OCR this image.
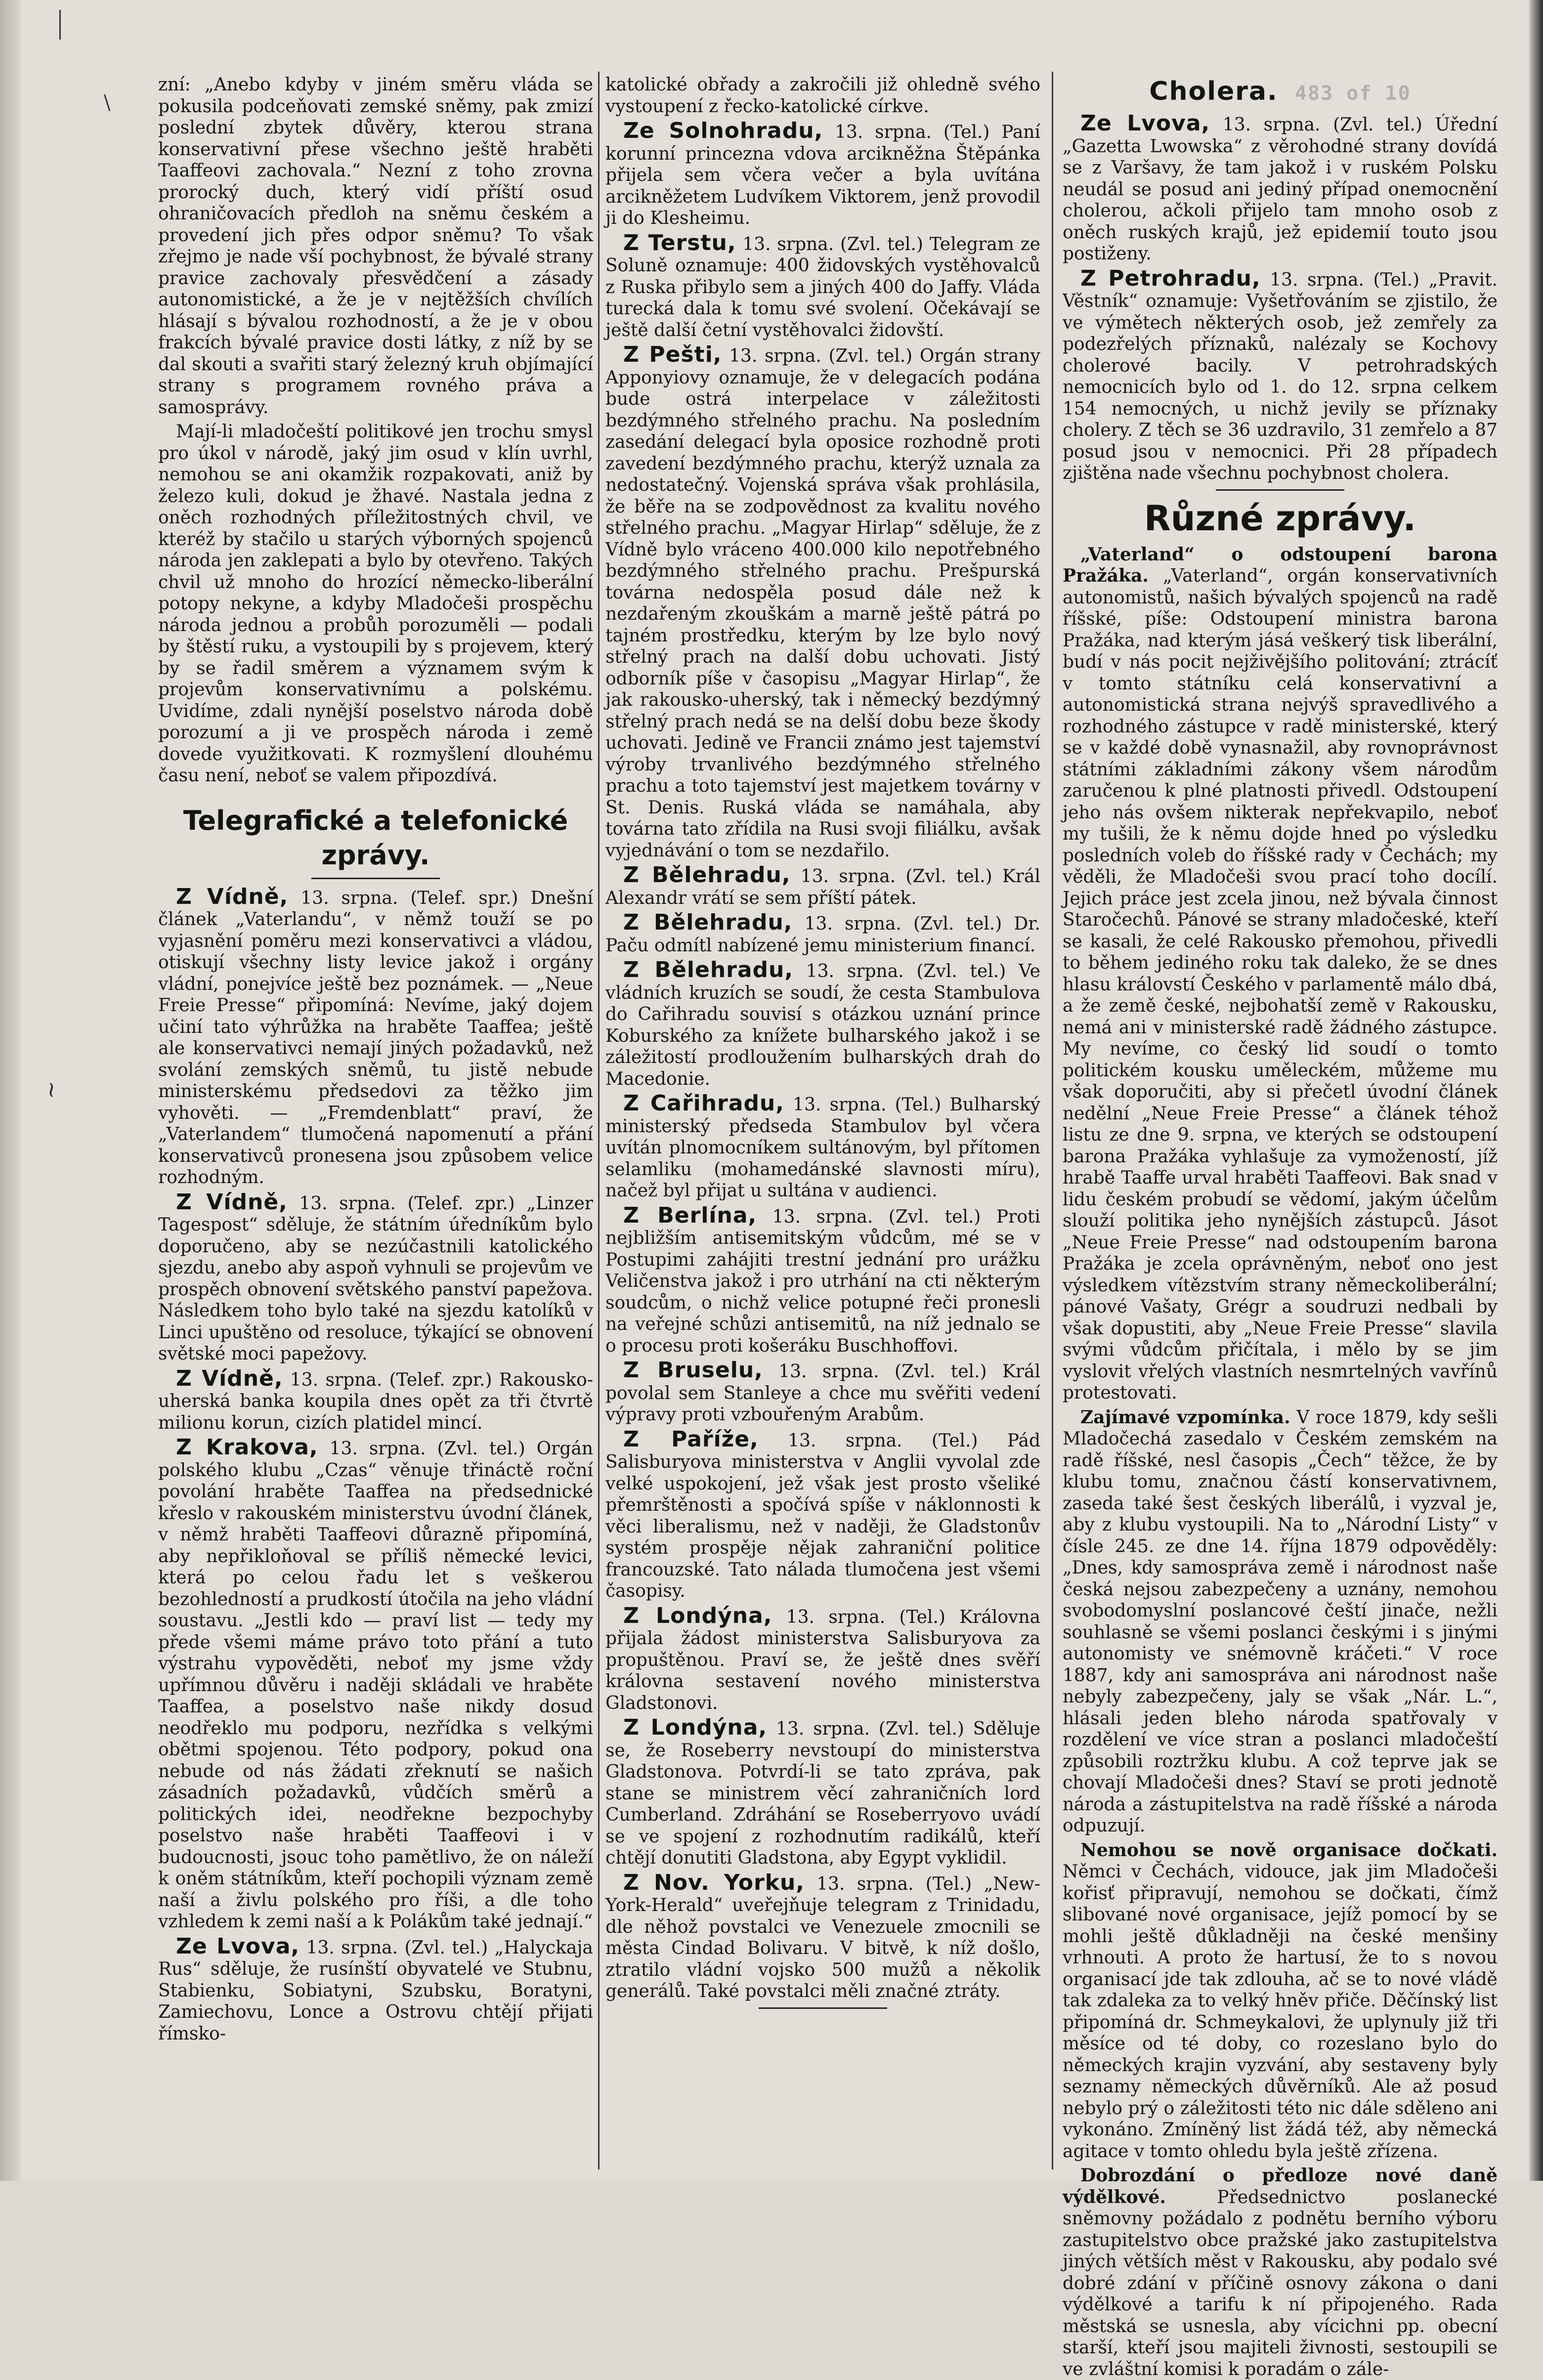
\
~

zní: „Anebo kdyby v jiném směru vláda se pokusila podceňovati zemské sněmy, pak zmizí poslední zbytek důvěry, kterou strana konservativní přese všechno ještě hraběti Taaffeovi zachovala.“ Nezní z toho zrovna prorocký duch, který vidí příští osud ohraničovacích předloh na sněmu českém a provedení jich přes odpor sněmu? To však zřejmo je nade vší pochybnost, že bývalé strany pravice zachovaly přesvědčení a zásady autonomistické, a že je v nejtěžších chvílích hlásají s bývalou rozhodností, a že je v obou frakcích bývalé pravice dosti látky, z níž by se dal skouti a svařiti starý železný kruh objímající strany s programem rovného práva a samosprávy.

Mají-li mladočeští politikové jen trochu smysl pro úkol v národě, jaký jim osud v klín uvrhl, nemohou se ani okamžik rozpakovati, aniž by železo kuli, dokud je žhavé. Nastala jedna z oněch rozhodných příležitostných chvil, ve kteréž by stačilo u starých výborných spojenců národa jen zaklepati a bylo by otevřeno. Takých chvil už mnoho do hrozící německo-liberální potopy nekyne, a kdyby Mladočeši prospěchu národa jednou a probůh porozuměli — podali by štěstí ruku, a vystoupili by s projevem, který by se řadil směrem a významem svým k projevům konservativnímu a polskému. Uvidíme, zdali nynější poselstvo národa době porozumí a ji ve prospěch národa i země dovede využitkovati. K rozmyšlení dlouhému času není, neboť se valem připozdívá.

Telegrafické a telefonické zprávy.

Z Vídně, 13. srpna. (Telef. spr.) Dnešní článek „Vaterlandu“, v němž touží se po vyjasnění poměru mezi konservativci a vládou, otiskují všechny listy levice jakož i orgány vládní, ponejvíce ještě bez poznámek. — „Neue Freie Presse“ připomíná: Nevíme, jaký dojem učiní tato výhrůžka na hraběte Taaffea; ještě ale konservativci nemají jiných požadavků, než svolání zemských sněmů, tu jistě nebude ministerskému předsedovi za těžko jim vyhověti. — „Fremdenblatt“ praví, že „Vaterlandem“ tlumočená napomenutí a přání konservativců pronesena jsou způsobem velice rozhodným.

Z Vídně, 13. srpna. (Telef. zpr.) „Linzer Tagespost“ sděluje, že státním úředníkům bylo doporučeno, aby se nezúčastnili katolického sjezdu, anebo aby aspoň vyhnuli se projevům ve prospěch obnovení světského panství papežova. Následkem toho bylo také na sjezdu katolíků v Linci upuštěno od resoluce, týkající se obnovení světské moci papežovy.

Z Vídně, 13. srpna. (Telef. zpr.) Rakousko-uherská banka koupila dnes opět za tři čtvrtě milionu korun, cizích platidel mincí.

Z Krakova, 13. srpna. (Zvl. tel.) Orgán polského klubu „Czas“ věnuje třináctě roční povolání hraběte Taaffea na předsednické křeslo v rakouském ministerstvu úvodní článek, v němž hraběti Taaffeovi důrazně připomíná, aby nepřikloňoval se příliš německé levici, která po celou řadu let s veškerou bezohledností a prudkostí útočila na jeho vládní soustavu. „Jestli kdo — praví list — tedy my přede všemi máme právo toto přání a tuto výstrahu vypověděti, neboť my jsme vždy upřímnou důvěru i naději skládali ve hraběte Taaffea, a poselstvo naše nikdy dosud neodřeklo mu podporu, nezřídka s velkými obětmi spojenou. Této podpory, pokud ona nebude od nás žádati zřeknutí se našich zásadních požadavků, vůdčích směrů a politických idei, neodřekne bezpochyby poselstvo naše hraběti Taaffeovi i v budoucnosti, jsouc toho pamětlivo, že on náleží k oněm státníkům, kteří pochopili význam země naší a živlu polského pro říši, a dle toho vzhledem k zemi naší a k Polákům také jednají.“

Ze Lvova, 13. srpna. (Zvl. tel.) „Halyckaja Rus“ sděluje, že rusínští obyvatelé ve Stubnu, Stabienku, Sobiatyni, Szubsku, Boratyni, Zamiechovu, Lonce a Ostrovu chtějí přijati římsko-

katolické obřady a zakročili již ohledně svého vystoupení z řecko-katolické církve.

Ze Solnohradu, 13. srpna. (Tel.) Paní korunní princezna vdova arcikněžna Štěpánka přijela sem včera večer a byla uvítána arcikněžetem Ludvíkem Viktorem, jenž provodil ji do Klesheimu.

Z Terstu, 13. srpna. (Zvl. tel.) Telegram ze Soluně oznamuje: 400 židovských vystěhovalců z Ruska přibylo sem a jiných 400 do Jaffy. Vláda turecká dala k tomu své svolení. Očekávají se ještě další četní vystěhovalci židovští.

Z Pešti, 13. srpna. (Zvl. tel.) Orgán strany Apponyiovy oznamuje, že v delegacích podána bude ostrá interpelace v záležitosti bezdýmného střelného prachu. Na posledním zasedání delegací byla oposice rozhodně proti zavedení bezdýmného prachu, kterýž uznala za nedostatečný. Vojenská správa však prohlásila, že běře na se zodpovědnost za kvalitu nového střelného prachu. „Magyar Hirlap“ sděluje, že z Vídně bylo vráceno 400.000 kilo nepotřebného bezdýmného střelného prachu. Prešpurská továrna nedospěla posud dále než k nezdařeným zkouškám a marně ještě pátrá po tajném prostředku, kterým by lze bylo nový střelný prach na další dobu uchovati. Jistý odborník píše v časopisu „Magyar Hirlap“, že jak rakousko-uherský, tak i německý bezdýmný střelný prach nedá se na delší dobu beze škody uchovati. Jedině ve Francii známo jest tajemství výroby trvanlivého bezdýmného střelného prachu a toto tajemství jest majetkem továrny v St. Denis. Ruská vláda se namáhala, aby továrna tato zřídila na Rusi svoji filiálku, avšak vyjednávání o tom se nezdařilo.

Z Bělehradu, 13. srpna. (Zvl. tel.) Král Alexandr vrátí se sem příští pátek.

Z Bělehradu, 13. srpna. (Zvl. tel.) Dr. Paču odmítl nabízené jemu ministerium financí.

Z Bělehradu, 13. srpna. (Zvl. tel.) Ve vládních kruzích se soudí, že cesta Stambulova do Cařihradu souvisí s otázkou uznání prince Koburského za knížete bulharského jakož i se záležitostí prodloužením bulharských drah do Macedonie.

Z Cařihradu, 13. srpna. (Tel.) Bulharský ministerský předseda Stambulov byl včera uvítán plnomocníkem sultánovým, byl přítomen selamliku (mohamedánské slavnosti míru), načež byl přijat u sultána v audienci.

Z Berlína, 13. srpna. (Zvl. tel.) Proti nejbližším antisemitským vůdcům, mé se v Postupimi zahájiti trestní jednání pro urážku Veličenstva jakož i pro utrhání na cti některým soudcům, o nichž velice potupné řeči pronesli na veřejné schůzi antisemitů, na níž jednalo se o procesu proti košeráku Buschhoffovi.

Z Bruselu, 13. srpna. (Zvl. tel.) Král povolal sem Stanleye a chce mu svěřiti vedení výpravy proti vzbouřeným Arabům.

Z Paříže, 13. srpna. (Tel.) Pád Salisburyova ministerstva v Anglii vyvolal zde velké uspokojení, jež však jest prosto všeliké přemrštěnosti a spočívá spíše v náklonnosti k věci liberalismu, než v naději, že Gladstonův systém prospěje nějak zahraniční politice francouzské. Tato nálada tlumočena jest všemi časopisy.

Z Londýna, 13. srpna. (Tel.) Královna přijala žádost ministerstva Salisburyova za propuštěnou. Praví se, že ještě dnes svěří královna sestavení nového ministerstva Gladstonovi.

Z Londýna, 13. srpna. (Zvl. tel.) Sděluje se, že Roseberry nevstoupí do ministerstva Gladstonova. Potvrdí-li se tato zpráva, pak stane se ministrem věcí zahraničních lord Cumberland. Zdráhání se Roseberryovo uvádí se ve spojení z rozhodnutím radikálů, kteří chtějí donutiti Gladstona, aby Egypt vyklidil.

Z Nov. Yorku, 13. srpna. (Tel.) „New-York-Herald“ uveřejňuje telegram z Trinidadu, dle něhož povstalci ve Venezuele zmocnili se města Cindad Bolivaru. V bitvě, k níž došlo, ztratilo vládní vojsko 500 mužů a několik generálů. Také povstalci měli značné ztráty.

Cholera. 483 of 10

Ze Lvova, 13. srpna. (Zvl. tel.) Úřední „Gazetta Lwowska“ z věrohodné strany dovídá se z Varšavy, že tam jakož i v ruském Polsku neudál se posud ani jediný případ onemocnění cholerou, ačkoli přijelo tam mnoho osob z oněch ruských krajů, jež epidemií touto jsou postiženy.

Z Petrohradu, 13. srpna. (Tel.) „Pravit. Věstník“ oznamuje: Vyšetřováním se zjistilo, že ve výmětech některých osob, jež zemřely za podezřelých příznaků, nalézaly se Kochovy cholerové bacily. V petrohradských nemocnicích bylo od 1. do 12. srpna celkem 154 nemocných, u nichž jevily se příznaky cholery. Z těch se 36 uzdravilo, 31 zemřelo a 87 posud jsou v nemocnici. Při 28 případech zjištěna nade všechnu pochybnost cholera.

Různé zprávy.

„Vaterland“ o odstoupení barona Pražáka. „Vaterland“, orgán konservativních autonomistů, našich bývalých spojenců na radě říšské, píše: Odstoupení ministra barona Pražáka, nad kterým jásá veškerý tisk liberální, budí v nás pocit nejživějšího politování; ztrácíť v tomto státníku celá konservativní a autonomistická strana nejvýš spravedlivého a rozhodného zástupce v radě ministerské, který se v každé době vynasnažil, aby rovnoprávnost státními základními zákony všem národům zaručenou k plné platnosti přivedl. Odstoupení jeho nás ovšem nikterak nepřekvapilo, neboť my tušili, že k němu dojde hned po výsledku posledních voleb do říšské rady v Čechách; my věděli, že Mladočeši svou prací toho docílí. Jejich práce jest zcela jinou, než bývala činnost Staročechů. Pánové se strany mladočeské, kteří se kasali, že celé Rakousko přemohou, přivedli to během jediného roku tak daleko, že se dnes hlasu královstí Českého v parlamentě málo dbá, a že země české, nejbohatší země v Rakousku, nemá ani v ministerské radě žádného zástupce. My nevíme, co český lid soudí o tomto politickém kousku uměleckém, můžeme mu však doporučiti, aby si přečetl úvodní článek nedělní „Neue Freie Presse“ a článek téhož listu ze dne 9. srpna, ve kterých se odstoupení barona Pražáka vyhlašuje za vymožeností, jíž hrabě Taaffe urval hraběti Taaffeovi. Bak snad v lidu českém probudí se vědomí, jakým účelům slouží politika jeho nynějších zástupců. Jásot „Neue Freie Presse“ nad odstoupením barona Pražáka je zcela oprávněným, neboť ono jest výsledkem vítězstvím strany německoliberální; pánové Vašaty, Grégr a soudruzi nedbali by však dopustiti, aby „Neue Freie Presse“ slavila svými vůdcům přičítala, i mělo by se jim vyslovit vřelých vlastních nesmrtelných vavřínů protestovati.

Zajímavé vzpomínka. V roce 1879, kdy sešli Mladočechá zasedalo v Českém zemském na radě říšské, nesl časopis „Čech“ těžce, že by klubu tomu, značnou částí konservativnem, zaseda také šest českých liberálů, i vyzval je, aby z klubu vystoupili. Na to „Národní Listy“ v čísle 245. ze dne 14. října 1879 odpověděly: „Dnes, kdy samospráva země i národnost naše česká nejsou zabezpečeny a uznány, nemohou svobodomyslní poslancové čeští jinače, nežli souhlasně se všemi poslanci českými i s jinými autonomisty ve snémovně kráčeti.“ V roce 1887, kdy ani samospráva ani národnost naše nebyly zabezpečeny, jaly se však „Nár. L.“, hlásali jeden bleho národa spatřovaly v rozdělení ve více stran a poslanci mladočeští způsobili roztržku klubu. A což teprve jak se chovají Mladočeši dnes? Staví se proti jednotě národa a zástupitelstva na radě říšské a národa odpuzují.

Nemohou se nově organisace dočkati. Němci v Čechách, vidouce, jak jim Mladočeši kořisť připravují, nemohou se dočkati, čímž slibované nové organisace, jejíž pomocí by se mohli ještě důkladněji na české menšiny vrhnouti. A proto že hartusí, že to s novou organisací jde tak zdlouha, ač se to nové vládě tak zdaleka za to velký hněv přiče. Děčínský list připomíná dr. Schmeykalovi, že uplynuly již tři měsíce od té doby, co rozeslano bylo do německých krajin vyzvání, aby sestaveny byly seznamy německých důvěrníků. Ale až posud nebylo prý o záležitosti této nic dále sděleno ani vykonáno. Zmíněný list žádá též, aby německá agitace v tomto ohledu byla ještě zřízena.

Dobrozdání o předloze nové daně výdělkové.	Předsednictvo poslanecké sněmovny požádalo z podnětu berního výboru zastupitelstvo obce pražské jako zastupitelstva jiných větších měst v Rakousku, aby podalo své dobré zdání v příčině osnovy zákona o dani výdělkové a tarifu k ní připojeného. Rada městská se usnesla, aby vícichni pp. obecní starší, kteří jsou majiteli živnosti, sestoupili se ve zvláštní komisi k poradám o zále-
